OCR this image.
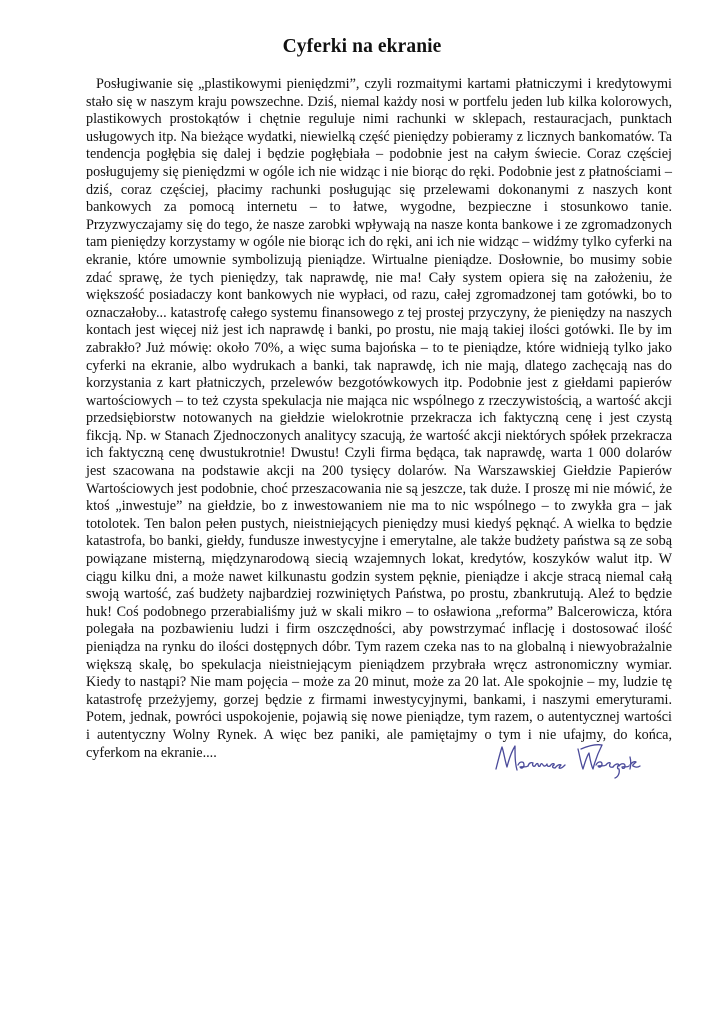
Cyferki na ekranie

Posługiwanie się „plastikowymi pieniędzmi”, czyli rozmaitymi kartami płatniczymi i kredytowymi stało się w naszym kraju powszechne. Dziś, niemal każdy nosi w portfelu jeden lub kilka kolorowych, plastikowych prostokątów i chętnie reguluje nimi rachunki w sklepach, restauracjach, punktach usługowych itp. Na bieżące wydatki, niewielką część pieniędzy pobieramy z licznych bankomatów. Ta tendencja pogłębia się dalej i będzie pogłębiała – podobnie jest na całym świecie. Coraz częściej posługujemy się pieniędzmi w ogóle ich nie widząc i nie biorąc do ręki. Podobnie jest z płatnościami – dziś, coraz częściej, płacimy rachunki posługując się przelewami dokonanymi z naszych kont bankowych za pomocą internetu – to łatwe, wygodne, bezpieczne i stosunkowo tanie. Przyzwyczajamy się do tego, że nasze zarobki wpływają na nasze konta bankowe i ze zgromadzonych tam pieniędzy korzystamy w ogóle nie biorąc ich do ręki, ani ich nie widząc – widźmy tylko cyferki na ekranie, które umownie symbolizują pieniądze. Wirtualne pieniądze. Dosłownie, bo musimy sobie zdać sprawę, że tych pieniędzy, tak naprawdę, nie ma! Cały system opiera się na założeniu, że większość posiadaczy kont bankowych nie wypłaci, od razu, całej zgromadzonej tam gotówki, bo to oznaczałoby... katastrofę całego systemu finansowego z tej prostej przyczyny, że pieniędzy na naszych kontach jest więcej niż jest ich naprawdę i banki, po prostu, nie mają takiej ilości gotówki. Ile by im zabrakło? Już mówię: około 70%, a więc suma bajońska – to te pieniądze, które widnieją tylko jako cyferki na ekranie, albo wydrukach a banki, tak naprawdę, ich nie mają, dlatego zachęcają nas do korzystania z kart płatniczych, przelewów bezgotówkowych itp. Podobnie jest z giełdami papierów wartościowych – to też czysta spekulacja nie mająca nic wspólnego z rzeczywistością, a wartość akcji przedsiębiorstw notowanych na giełdzie wielokrotnie przekracza ich faktyczną cenę i jest czystą fikcją. Np. w Stanach Zjednoczonych analitycy szacują, że wartość akcji niektórych spółek przekracza ich faktyczną cenę dwustukrotnie! Dwustu! Czyli firma będąca, tak naprawdę, warta 1 000 dolarów jest szacowana na podstawie akcji na 200 tysięcy dolarów. Na Warszawskiej Giełdzie Papierów Wartościowych jest podobnie, choć przeszacowania nie są jeszcze, tak duże. I proszę mi nie mówić, że ktoś „inwestuje” na giełdzie, bo z inwestowaniem nie ma to nic wspólnego – to zwykła gra – jak totolotek. Ten balon pełen pustych, nieistniejących pieniędzy musi kiedyś pęknąć. A wielka to będzie katastrofa, bo banki, giełdy, fundusze inwestycyjne i emerytalne, ale także budżety państwa są ze sobą powiązane misterną, międzynarodową siecią wzajemnych lokat, kredytów, koszyków walut itp. W ciągu kilku dni, a może nawet kilkunastu godzin system pęknie, pieniądze i akcje stracą niemal całą swoją wartość, zaś budżety najbardziej rozwiniętych Państwa, po prostu, zbankrutują. Aleź to będzie huk! Coś podobnego przerabialiśmy już w skali mikro – to osławiona „reforma” Balcerowicza, która polegała na pozbawieniu ludzi i firm oszczędności, aby powstrzymać inflację i dostosować ilość pieniądza na rynku do ilości dostępnych dóbr. Tym razem czeka nas to na globalną i niewyobrażalnie większą skalę, bo spekulacja nieistniejącym pieniądzem przybrała wręcz astronomiczny wymiar. Kiedy to nastąpi? Nie mam pojęcia – może za 20 minut, może za 20 lat. Ale spokojnie – my, ludzie tę katastrofę przeżyjemy, gorzej będzie z firmami inwestycyjnymi, bankami, i naszymi emeryturami. Potem, jednak, powróci uspokojenie, pojawią się nowe pieniądze, tym razem, o autentycznej wartości i autentyczny Wolny Rynek. A więc bez paniki, ale pamiętajmy o tym i nie ufajmy, do końca, cyferkom na ekranie....
